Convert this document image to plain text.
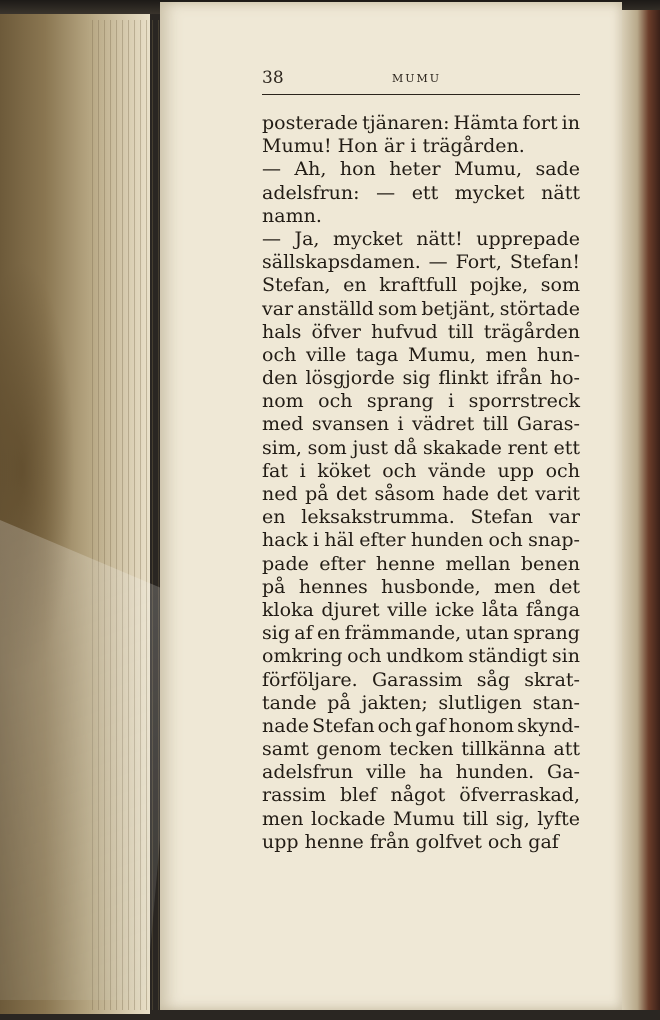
38	MUMU
posterade tjänaren: Hämta fort in
Mumu! Hon är i trägården.
— Ah, hon heter Mumu, sade
adelsfrun: — ett mycket nätt
namn.
— Ja, mycket nätt! upprepade
sällskapsdamen. — Fort, Stefan!
Stefan, en kraftfull pojke, som
var anställd som betjänt, störtade
hals öfver hufvud till trägården
och ville taga Mumu, men hun-
den lösgjorde sig flinkt ifrån ho-
nom och sprang i sporrstreck
med svansen i vädret till Garas-
sim, som just då skakade rent ett
fat i köket och vände upp och
ned på det såsom hade det varit
en leksakstrumma. Stefan var
hack i häl efter hunden och snap-
pade efter henne mellan benen
på hennes husbonde, men det
kloka djuret ville icke låta fånga
sig af en främmande, utan sprang
omkring och undkom ständigt sin
förföljare. Garassim såg skrat-
tande på jakten; slutligen stan-
nade Stefan och gaf honom skynd-
samt genom tecken tillkänna att
adelsfrun ville ha hunden. Ga-
rassim blef något öfverraskad,
men lockade Mumu till sig, lyfte
upp henne från golfvet och gaf
